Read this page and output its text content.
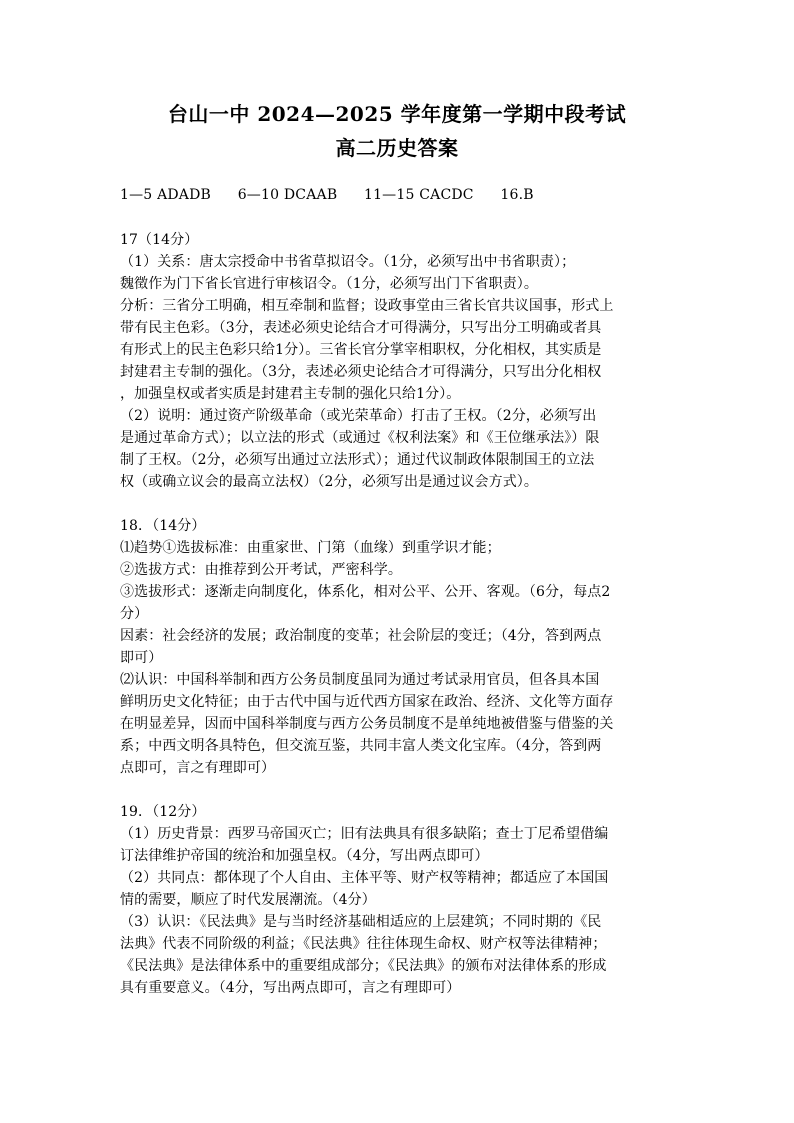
台山一中 2024—2025 学年度第一学期中段考试
高二历史答案
1—5 ADADB 6—10 DCAAB 11—15 CACDC 16.B
17（14分）
（1）关系：唐太宗授命中书省草拟诏令。（1分，必须写出中书省职责）；
魏徵作为门下省长官进行审核诏令。（1分，必须写出门下省职责）。
分析：三省分工明确，相互牵制和监督；设政事堂由三省长官共议国事，形式上
带有民主色彩。（3分，表述必须史论结合才可得满分，只写出分工明确或者具
有形式上的民主色彩只给1分）。三省长官分掌宰相职权，分化相权，其实质是
封建君主专制的强化。（3分，表述必须史论结合才可得满分，只写出分化相权
，加强皇权或者实质是封建君主专制的强化只给1分）。
（2）说明：通过资产阶级革命（或光荣革命）打击了王权。（2分，必须写出
是通过革命方式）；以立法的形式（或通过《权利法案》和《王位继承法》）限
制了王权。（2分，必须写出通过立法形式）；通过代议制政体限制国王的立法
权（或确立议会的最高立法权）（2分，必须写出是通过议会方式）。
18．（14分）
⑴趋势①选拔标准：由重家世、门第（血缘）到重学识才能；
②选拔方式：由推荐到公开考试，严密科学。
③选拔形式：逐渐走向制度化，体系化，相对公平、公开、客观。（6分，每点2
分）
因素：社会经济的发展；政治制度的变革；社会阶层的变迁；（4分，答到两点
即可）
⑵认识：中国科举制和西方公务员制度虽同为通过考试录用官员，但各具本国
鲜明历史文化特征；由于古代中国与近代西方国家在政治、经济、文化等方面存
在明显差异，因而中国科举制度与西方公务员制度不是单纯地被借鉴与借鉴的关
系；中西文明各具特色，但交流互鉴，共同丰富人类文化宝库。（4分，答到两
点即可，言之有理即可）
19．（12分）
（1）历史背景：西罗马帝国灭亡；旧有法典具有很多缺陷；查士丁尼希望借编
订法律维护帝国的统治和加强皇权。（4分，写出两点即可）
（2）共同点：都体现了个人自由、主体平等、财产权等精神；都适应了本国国
情的需要，顺应了时代发展潮流。（4分）
（3）认识：《民法典》是与当时经济基础相适应的上层建筑；不同时期的《民
法典》代表不同阶级的利益；《民法典》往往体现生命权、财产权等法律精神；
《民法典》是法律体系中的重要组成部分；《民法典》的颁布对法律体系的形成
具有重要意义。（4分，写出两点即可，言之有理即可）
